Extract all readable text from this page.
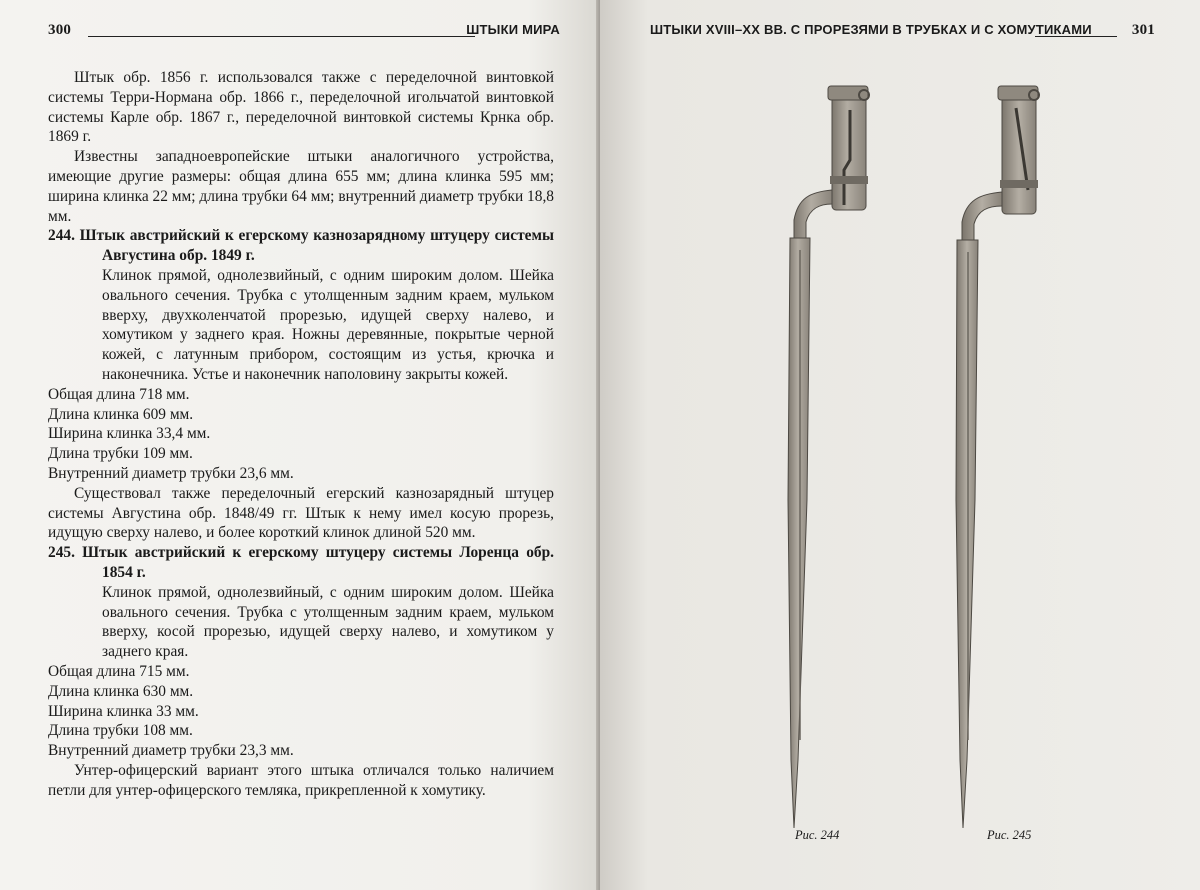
300	ШТЫКИ МИРА

Штык обр. 1856 г. использовался также с переделочной винтовкой системы Терри-Нормана обр. 1866 г., переделочной игольчатой винтовкой системы Карле обр. 1867 г., переделочной винтовкой системы Крнка обр. 1869 г.

Известны западноевропейские штыки аналогичного устройства, имеющие другие размеры: общая длина 655 мм; длина клинка 595 мм; ширина клинка 22 мм; длина трубки 64 мм; внутренний диаметр трубки 18,8 мм.

244. Штык австрийский к егерскому казнозарядному штуцеру системы Августина обр. 1849 г.

Клинок прямой, однолезвийный, с одним широким долом. Шейка овального сечения. Трубка с утолщенным задним краем, мульком вверху, двухколенчатой прорезью, идущей сверху налево, и хомутиком у заднего края. Ножны деревянные, покрытые черной кожей, с латунным прибором, состоящим из устья, крючка и наконечника. Устье и наконечник наполовину закрыты кожей.

Общая длина 718 мм.

Длина клинка 609 мм.

Ширина клинка 33,4 мм.

Длина трубки 109 мм.

Внутренний диаметр трубки 23,6 мм.

Существовал также переделочный егерский казнозарядный штуцер системы Августина обр. 1848/49 гг. Штык к нему имел косую прорезь, идущую сверху налево, и более короткий клинок длиной 520 мм.

245. Штык австрийский к егерскому штуцеру системы Лоренца обр. 1854 г.

Клинок прямой, однолезвийный, с одним широким долом. Шейка овального сечения. Трубка с утолщенным задним краем, мульком вверху, косой прорезью, идущей сверху налево, и хомутиком у заднего края.

Общая длина 715 мм.

Длина клинка 630 мм.

Ширина клинка 33 мм.

Длина трубки 108 мм.

Внутренний диаметр трубки 23,3 мм.

Унтер-офицерский вариант этого штыка отличался только наличием петли для унтер-офицерского темляка, прикрепленной к хомутику.

ШТЫКИ XVIII–XX ВВ. С ПРОРЕЗЯМИ В ТРУБКАХ И С ХОМУТИКАМИ	301
Рис. 244	Рис. 245
